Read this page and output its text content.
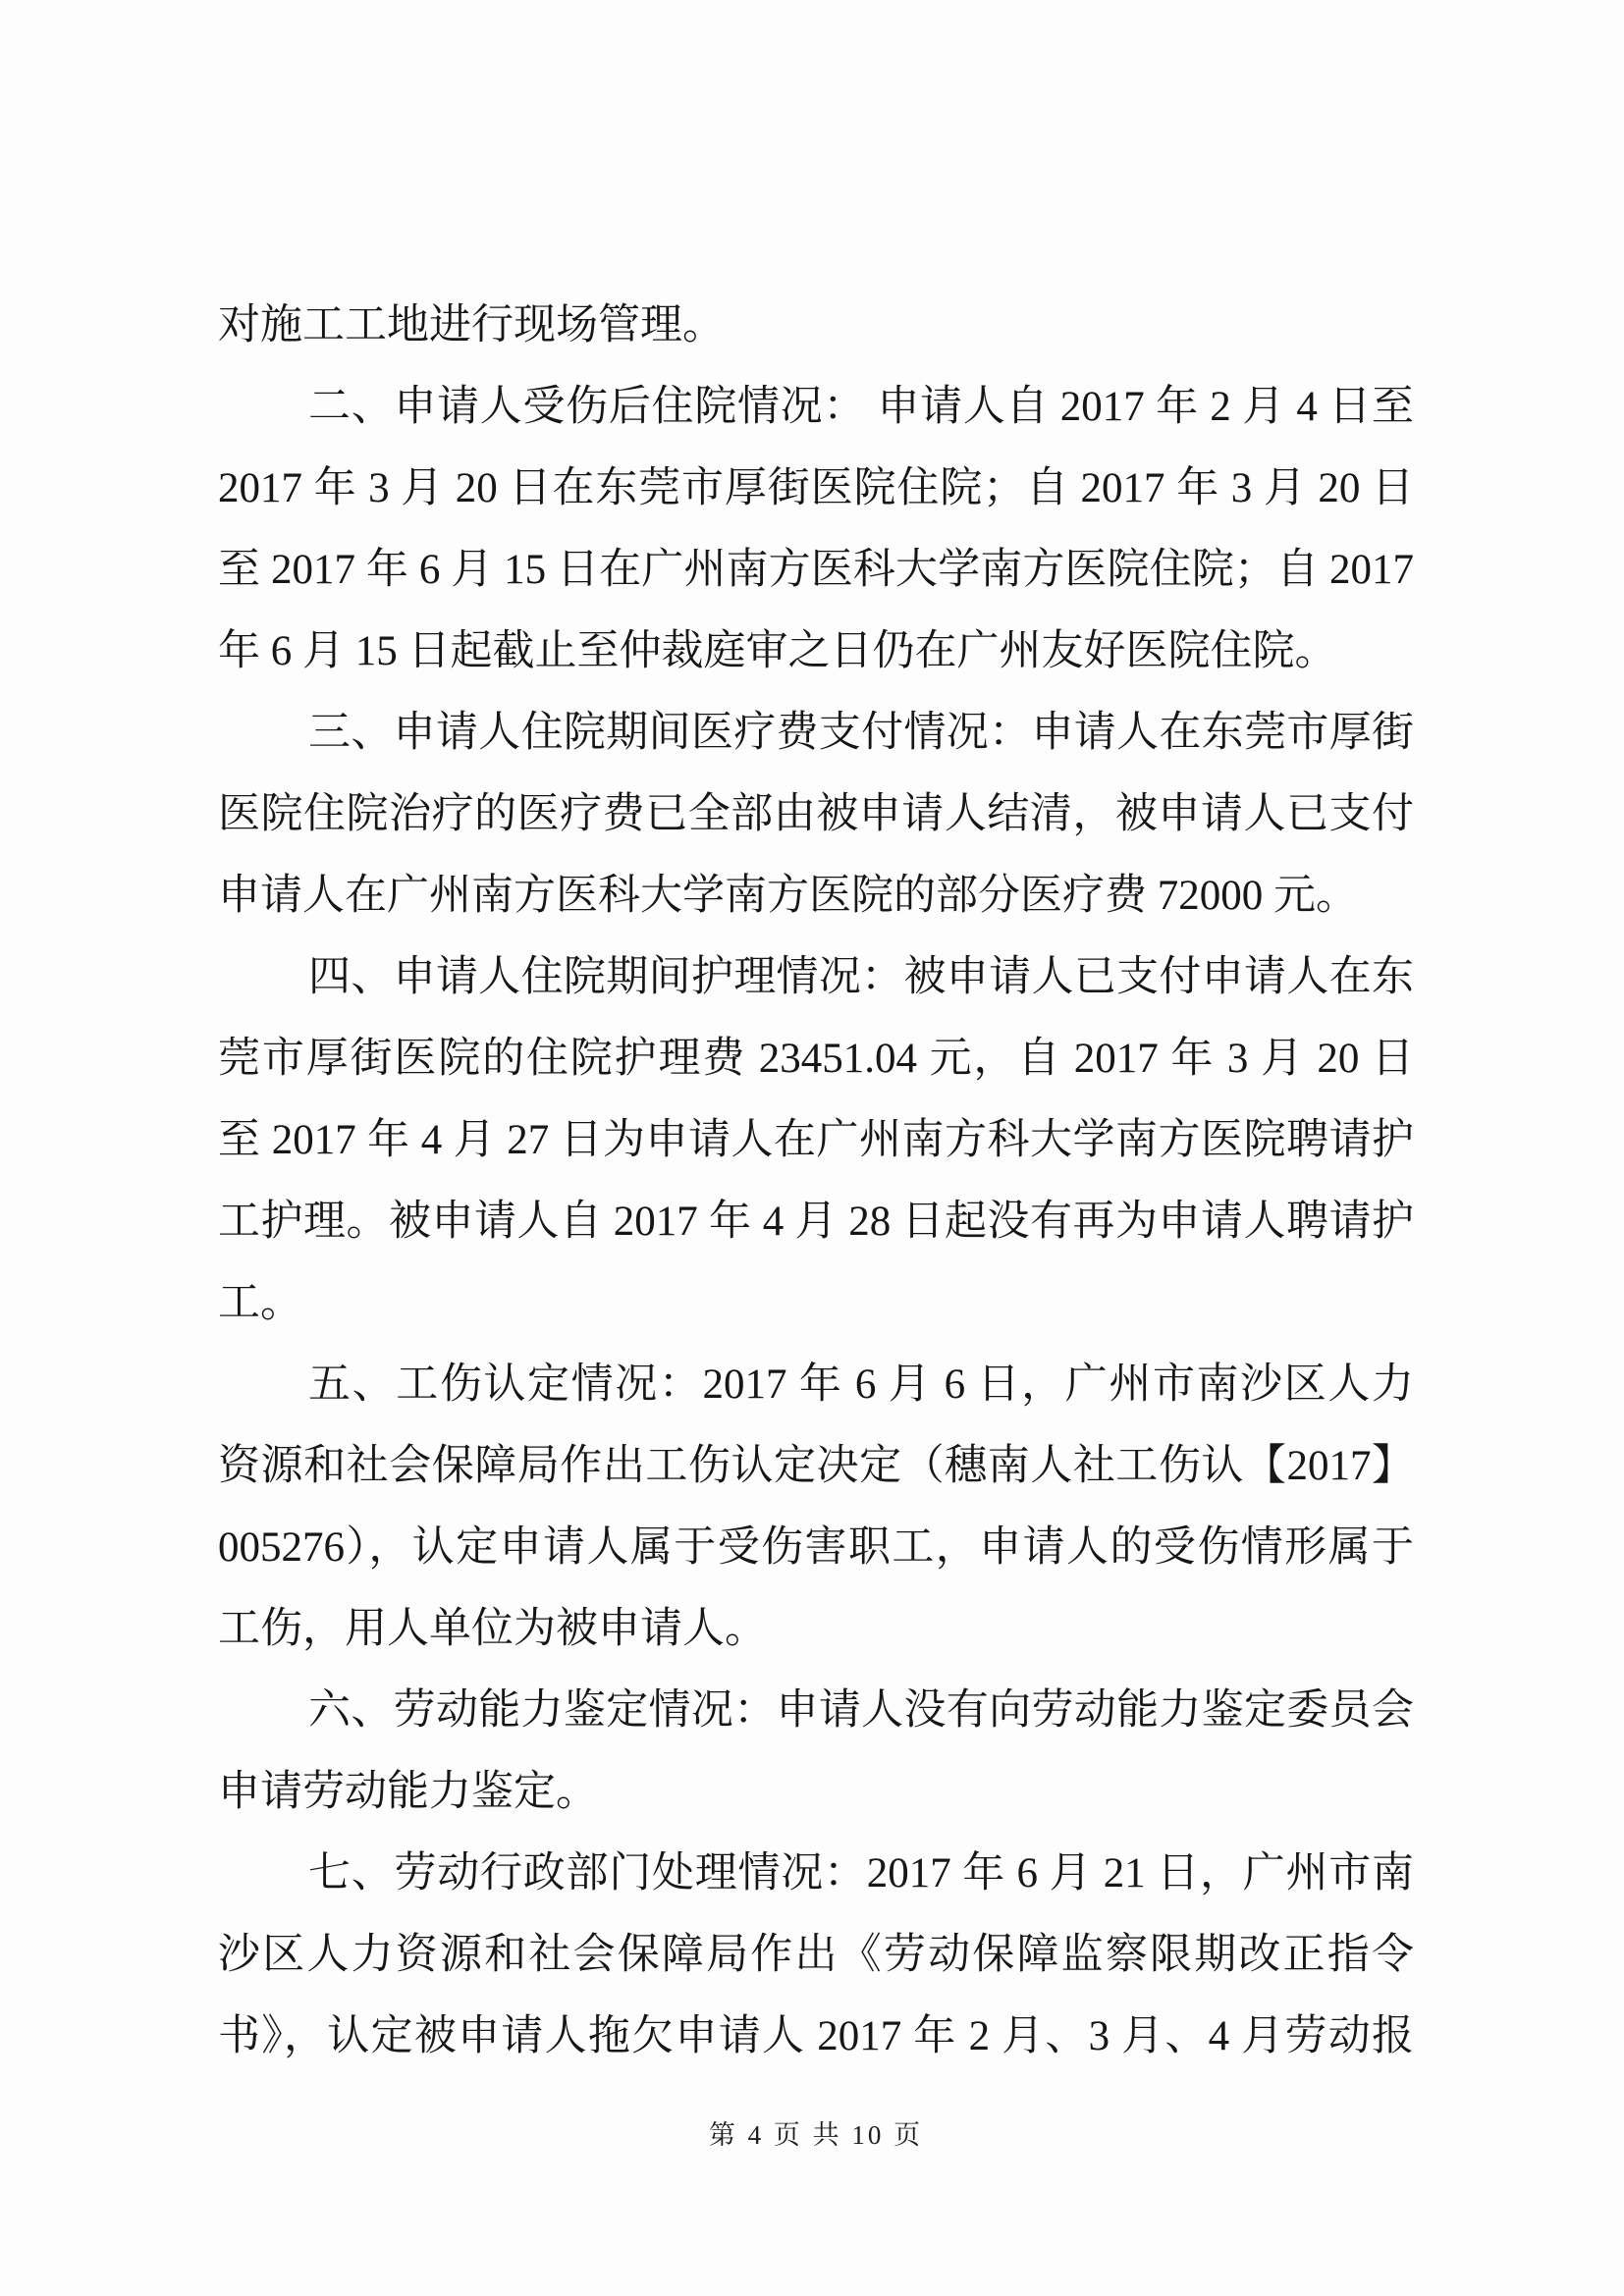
对施工工地进行现场管理。
二、申请人受伤后住院情况： 申请人自 2017 年 2 月 4 日至
2017 年 3 月 20 日在东莞市厚街医院住院；自 2017 年 3 月 20 日
至 2017 年 6 月 15 日在广州南方医科大学南方医院住院；自 2017
年 6 月 15 日起截止至仲裁庭审之日仍在广州友好医院住院。
三、申请人住院期间医疗费支付情况：申请人在东莞市厚街
医院住院治疗的医疗费已全部由被申请人结清，被申请人已支付
申请人在广州南方医科大学南方医院的部分医疗费 72000 元。
四、申请人住院期间护理情况：被申请人已支付申请人在东
莞市厚街医院的住院护理费 23451.04 元，自 2017 年 3 月 20 日
至 2017 年 4 月 27 日为申请人在广州南方科大学南方医院聘请护
工护理。被申请人自 2017 年 4 月 28 日起没有再为申请人聘请护
工。
五、工伤认定情况：2017 年 6 月 6 日，广州市南沙区人力
资源和社会保障局作出工伤认定决定（穗南人社工伤认【2017】
005276），认定申请人属于受伤害职工，申请人的受伤情形属于
工伤，用人单位为被申请人。
六、劳动能力鉴定情况：申请人没有向劳动能力鉴定委员会
申请劳动能力鉴定。
七、劳动行政部门处理情况：2017 年 6 月 21 日，广州市南
沙区人力资源和社会保障局作出《劳动保障监察限期改正指令
书》，认定被申请人拖欠申请人 2017 年 2 月、3 月、4 月劳动报
第 4 页 共 10 页
